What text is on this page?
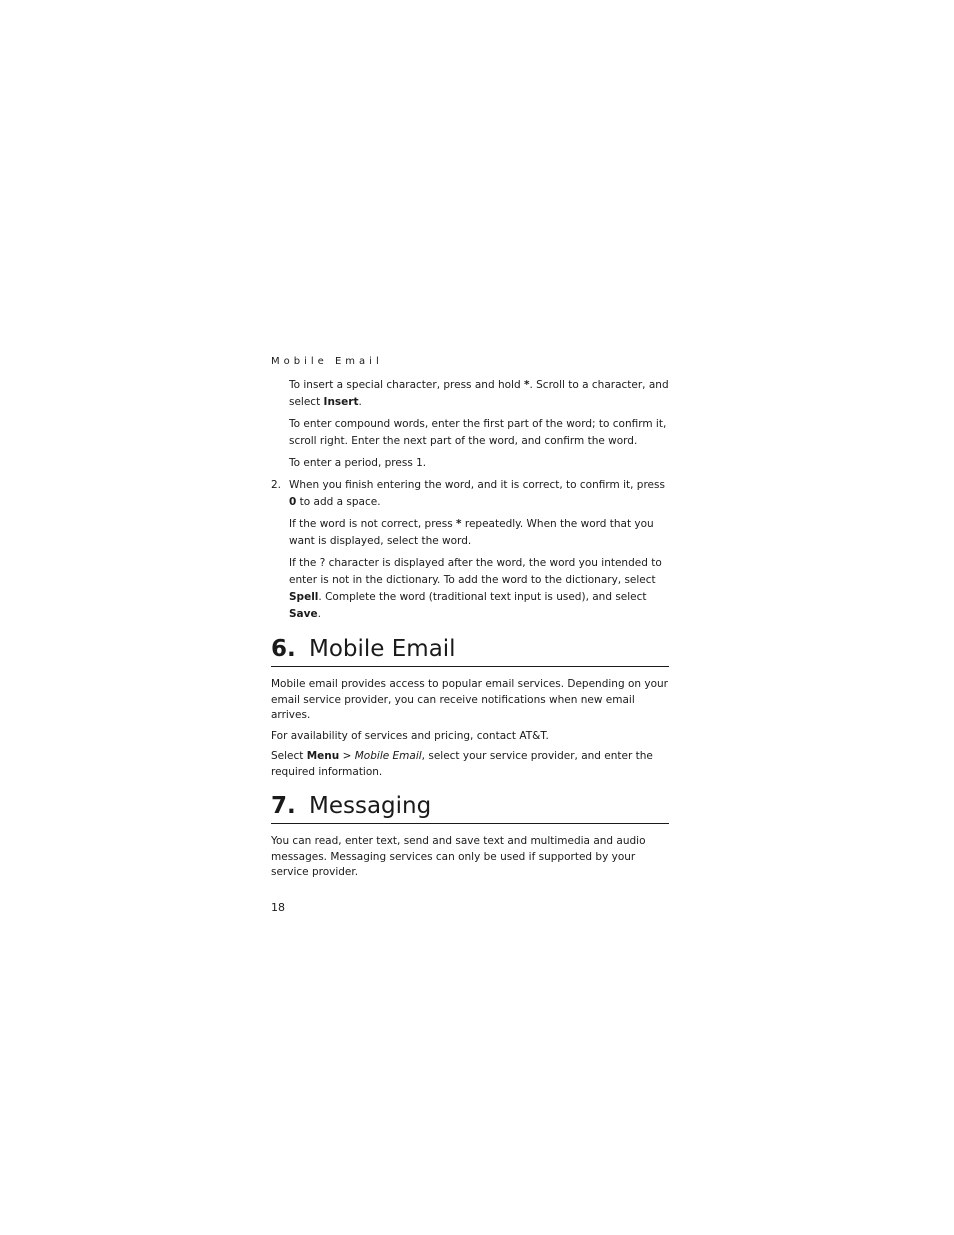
Mobile Email

To insert a special character, press and hold *. Scroll to a character, and select Insert.

To enter compound words, enter the first part of the word; to confirm it, scroll right. Enter the next part of the word, and confirm the word.

To enter a period, press 1.

2. When you finish entering the word, and it is correct, to confirm it, press 0 to add a space.

If the word is not correct, press * repeatedly. When the word that you want is displayed, select the word.

If the ? character is displayed after the word, the word you intended to enter is not in the dictionary. To add the word to the dictionary, select Spell. Complete the word (traditional text input is used), and select Save.

6. Mobile Email

Mobile email provides access to popular email services. Depending on your email service provider, you can receive notifications when new email arrives.

For availability of services and pricing, contact AT&T.

Select Menu > Mobile Email, select your service provider, and enter the required information.

7. Messaging

You can read, enter text, send and save text and multimedia and audio messages. Messaging services can only be used if supported by your service provider.

18
